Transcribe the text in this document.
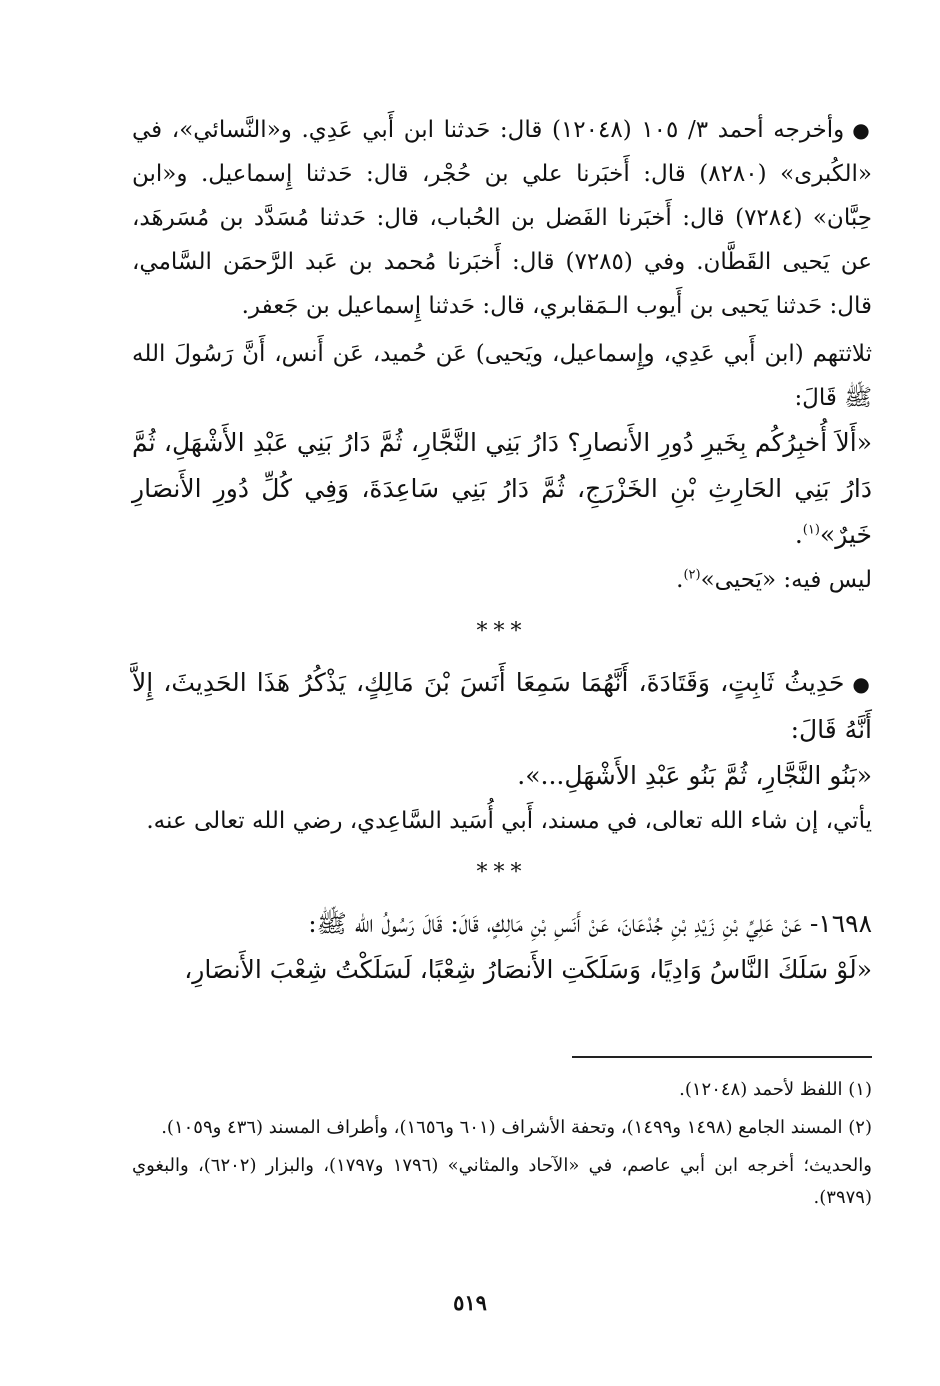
●وأخرجه أحمد ٣/ ١٠٥ (١٢٠٤٨) قال: حَدثنا ابن أَبي عَدِي. و«النَّسائي»، في «الكُبرى» (٨٢٨٠) قال: أَخبَرنا علي بن حُجْر، قال: حَدثنا إِسماعيل. و«ابن حِبَّان» (٧٢٨٤) قال: أَخبَرنا الفَضل بن الحُباب، قال: حَدثنا مُسَدَّد بن مُسَرهَد، عن يَحيى القَطَّان. وفي (٧٢٨٥) قال: أَخبَرنا مُحمد بن عَبد الرَّحمَن السَّامي، قال: حَدثنا يَحيى بن أَيوب الـمَقابري، قال: حَدثنا إِسماعيل بن جَعفر.

ثلاثتهم (ابن أَبي عَدِي، وإِسماعيل، ويَحيى) عَن حُميد، عَن أَنس، أَنَّ رَسُولَ الله ﷺ قَالَ:

«أَلاَ أُخبِرُكُم بِخَيرِ دُورِ الأَنصارِ؟ دَارُ بَنِي النَّجَّارِ، ثُمَّ دَارُ بَنِي عَبْدِ الأَشْهَلِ، ثُمَّ دَارُ بَنِي الحَارِثِ بْنِ الخَزْرَجِ، ثُمَّ دَارُ بَنِي سَاعِدَةَ، وَفِي كُلِّ دُورِ الأَنصَارِ خَيرٌ»$^{(١)}$.

ليس فيه: «يَحيى»$^{(٢)}$.

***

●حَدِيثُ ثَابِتٍ، وَقَتَادَةَ، أَنَّهُمَا سَمِعَا أَنَسَ بْنَ مَالِكٍ، يَذْكُرُ هَذَا الحَدِيثَ، إِلاَّ أَنَّهُ قَالَ:

«بَنُو النَّجَّارِ، ثُمَّ بَنُو عَبْدِ الأَشْهَلِ...».

يأتي، إن شاء الله تعالى، في مسند، أَبي أُسَيد السَّاعِدي، رضي الله تعالى عنه.

***

١٦٩٨- عَنْ عَلِيِّ بْنِ زَيْدِ بْنِ جُدْعَانَ، عَنْ أَنَسِ بْنِ مَالِكٍ، قَالَ: قَالَ رَسُولُ الله ﷺ:

«لَوْ سَلَكَ النَّاسُ وَادِيًا، وَسَلَكَتِ الأَنصَارُ شِعْبًا، لَسَلَكْتُ شِعْبَ الأَنصَارِ،

(١) اللفظ لأحمد (١٢٠٤٨).

(٢) المسند الجامع (١٤٩٨ و١٤٩٩)، وتحفة الأشراف (٦٠١ و١٦٥٦)، وأطراف المسند (٤٣٦ و١٠٥٩).

والحديث؛ أخرجه ابن أبي عاصم، في «الآحاد والمثاني» (١٧٩٦ و١٧٩٧)، والبزار (٦٢٠٢)، والبغوي (٣٩٧٩).

٥١٩
